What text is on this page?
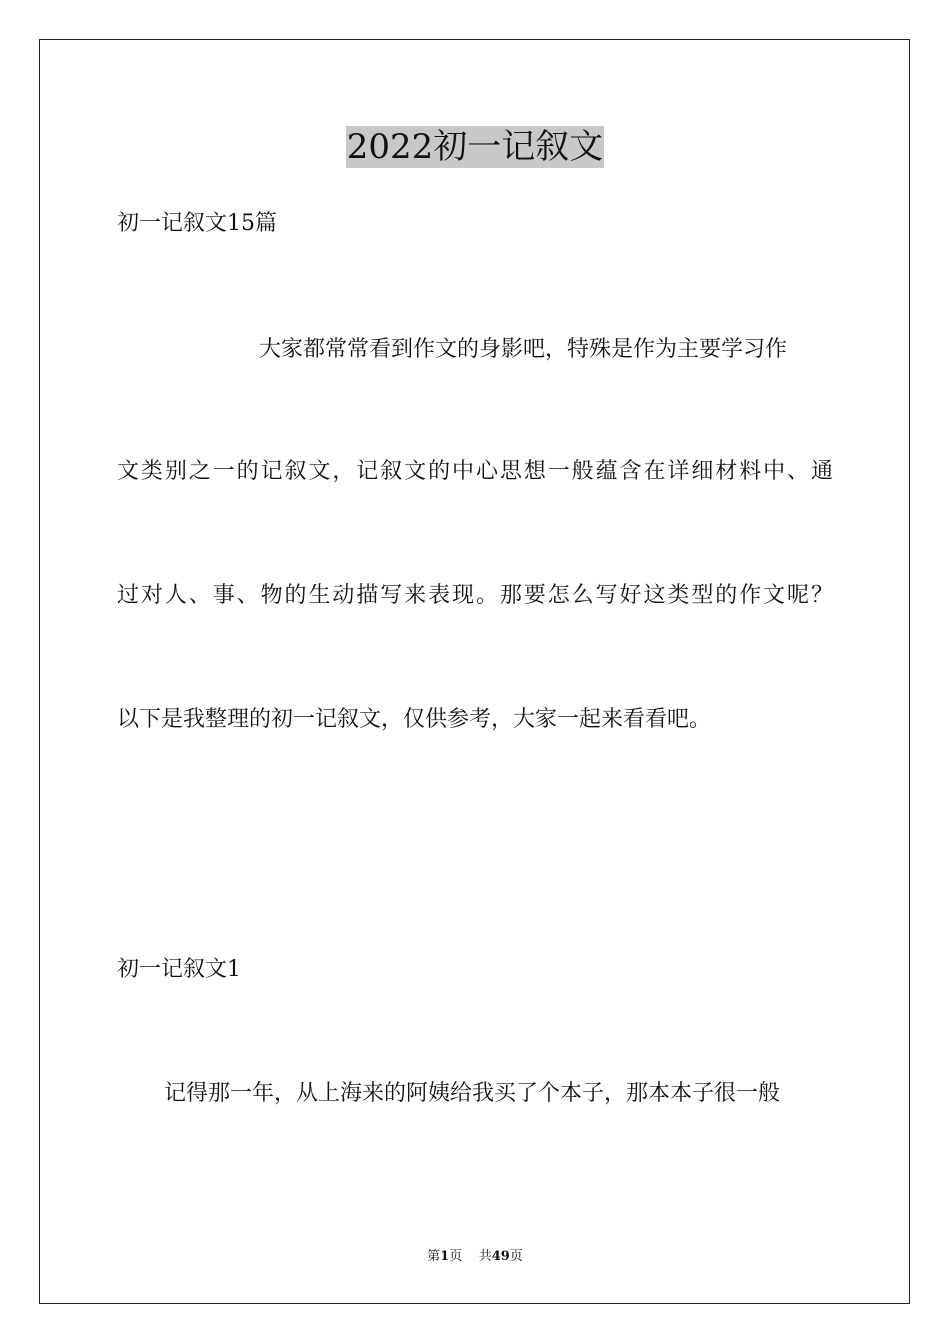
2022初一记叙文
初一记叙文15篇
大家都常常看到作文的身影吧，特殊是作为主要学习作
文类别之一的记叙文，记叙文的中心思想一般蕴含在详细材料中、通
过对人、事、物的生动描写来表现。那要怎么写好这类型的作文呢？
以下是我整理的初一记叙文，仅供参考，大家一起来看看吧。
初一记叙文1
记得那一年，从上海来的阿姨给我买了个本子，那本本子很一般
第1页 共49页
